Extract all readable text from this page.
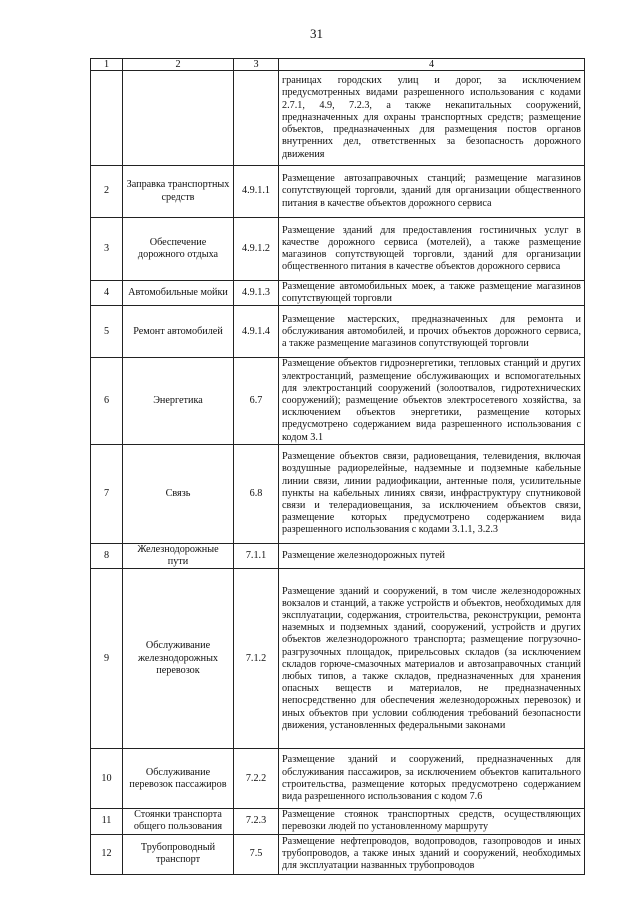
31
1	2	3	4
			границах городских улиц и дорог, за исключением предусмотренных видами разрешенного использования с кодами 2.7.1, 4.9, 7.2.3, а также некапитальных сооружений, предназначенных для охраны транспортных средств; размещение объектов, предназначенных для размещения постов органов внутренних дел, ответственных за безопасность дорожного движения
2	Заправка транспортных средств	4.9.1.1	Размещение автозаправочных станций; размещение магазинов сопутствующей торговли, зданий для организации общественного питания в качестве объектов дорожного сервиса
3	Обеспечение дорожного отдыха	4.9.1.2	Размещение зданий для предоставления гостиничных услуг в качестве дорожного сервиса (мотелей), а также размещение магазинов сопутствующей торговли, зданий для организации общественного питания в качестве объектов дорожного сервиса
4	Автомобильные мойки	4.9.1.3	Размещение автомобильных моек, а также размещение магазинов сопутствующей торговли
5	Ремонт автомобилей	4.9.1.4	Размещение мастерских, предназначенных для ремонта и обслуживания автомобилей, и прочих объектов дорожного сервиса, а также размещение магазинов сопутствующей торговли
6	Энергетика	6.7	Размещение объектов гидроэнергетики, тепловых станций и других электростанций, размещение обслуживающих и вспомогательных для электростанций сооружений (золоотвалов, гидротехнических сооружений); размещение объектов электросетевого хозяйства, за исключением объектов энергетики, размещение которых предусмотрено содержанием вида разрешенного использования с кодом 3.1
7	Связь	6.8	Размещение объектов связи, радиовещания, телевидения, включая воздушные радиорелейные, надземные и подземные кабельные линии связи, линии радиофикации, антенные поля, усилительные пункты на кабельных линиях связи, инфраструктуру спутниковой связи и телерадиовещания, за исключением объектов связи, размещение которых предусмотрено содержанием вида разрешенного использования с кодами 3.1.1, 3.2.3
8	Железнодорожные пути	7.1.1	Размещение железнодорожных путей
9	Обслуживание железнодорожных перевозок	7.1.2	Размещение зданий и сооружений, в том числе железнодорожных вокзалов и станций, а также устройств и объектов, необходимых для эксплуатации, содержания, строительства, реконструкции, ремонта наземных и подземных зданий, сооружений, устройств и других объектов железнодорожного транспорта; размещение погрузочно-разгрузочных площадок, прирельсовых складов (за исключением складов горюче-смазочных материалов и автозаправочных станций любых типов, а также складов, предназначенных для хранения опасных веществ и материалов, не предназначенных непосредственно для обеспечения железнодорожных перевозок) и иных объектов при условии соблюдения требований безопасности движения, установленных федеральными законами
10	Обслуживание перевозок пассажиров	7.2.2	Размещение зданий и сооружений, предназначенных для обслуживания пассажиров, за исключением объектов капитального строительства, размещение которых предусмотрено содержанием вида разрешенного использования с кодом 7.6
11	Стоянки транспорта общего пользования	7.2.3	Размещение стоянок транспортных средств, осуществляющих перевозки людей по установленному маршруту
12	Трубопроводный транспорт	7.5	Размещение нефтепроводов, водопроводов, газопроводов и иных трубопроводов, а также иных зданий и сооружений, необходимых для эксплуатации названных трубопроводов
